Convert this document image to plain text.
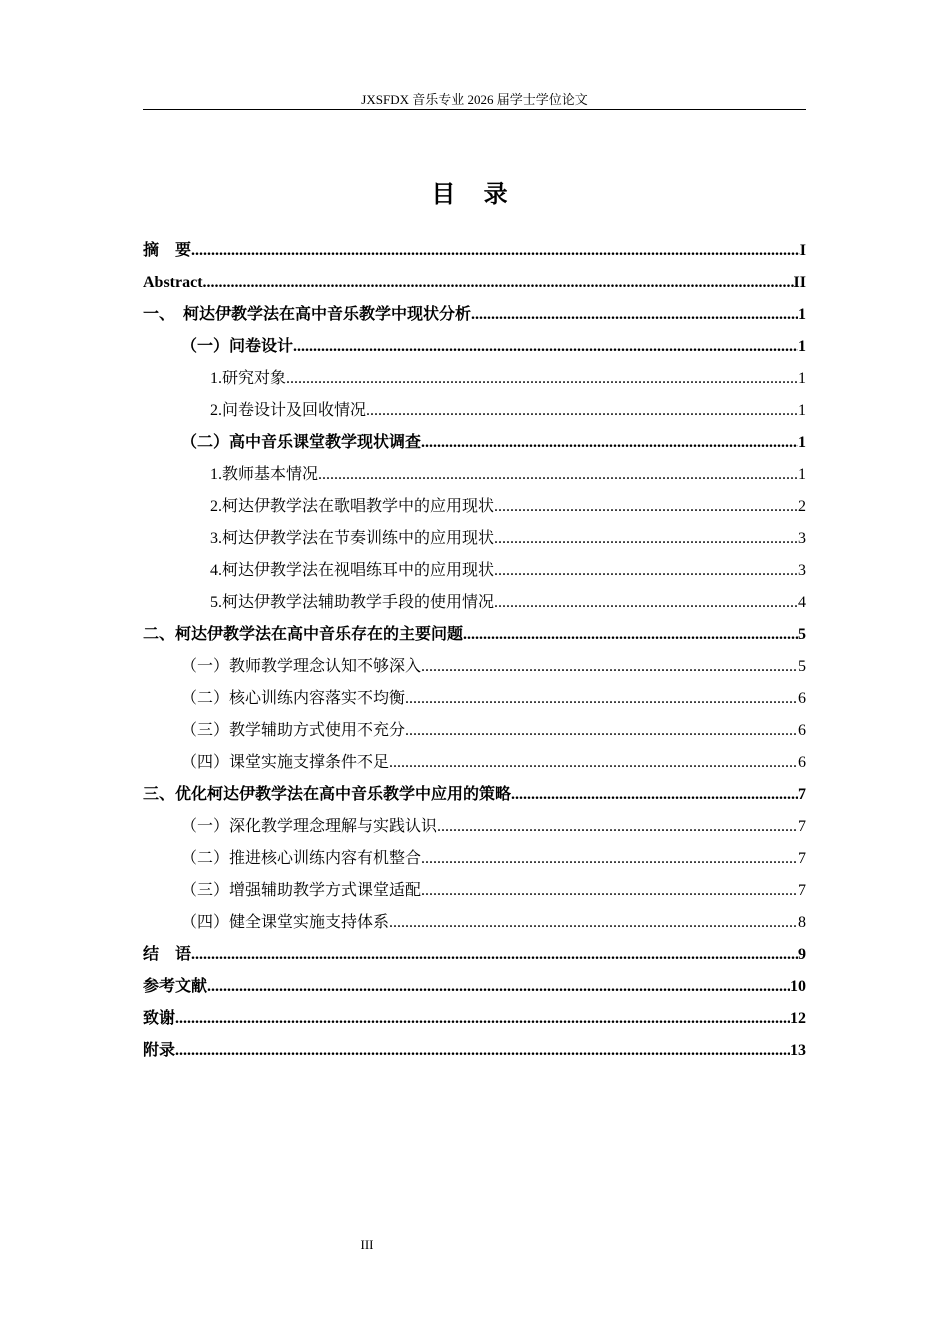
JXSFDX 音乐专业 2026 届学士学位论文
目 录
摘　要 .....	I
Abstract .....	II
一、　柯达伊教学法在高中音乐教学中现状分析 .....	1
（一）问卷设计 .....	1
1.研究对象 .....	1
2.问卷设计及回收情况 .....	1
（二）高中音乐课堂教学现状调查 .....	1
1.教师基本情况 .....	1
2.柯达伊教学法在歌唱教学中的应用现状 .....	2
3.柯达伊教学法在节奏训练中的应用现状 .....	3
4.柯达伊教学法在视唱练耳中的应用现状 .....	3
5.柯达伊教学法辅助教学手段的使用情况 .....	4
二、柯达伊教学法在高中音乐存在的主要问题 .....	5
（一）教师教学理念认知不够深入 .....	5
（二）核心训练内容落实不均衡 .....	6
（三）教学辅助方式使用不充分 .....	6
（四）课堂实施支撑条件不足 .....	6
三、优化柯达伊教学法在高中音乐教学中应用的策略 .....	7
（一）深化教学理念理解与实践认识 .....	7
（二）推进核心训练内容有机整合 .....	7
（三）增强辅助教学方式课堂适配 .....	7
（四）健全课堂实施支持体系 .....	8
结　语 .....	9
参考文献 .....	10
致谢 .....	12
附录 .....	13
III
